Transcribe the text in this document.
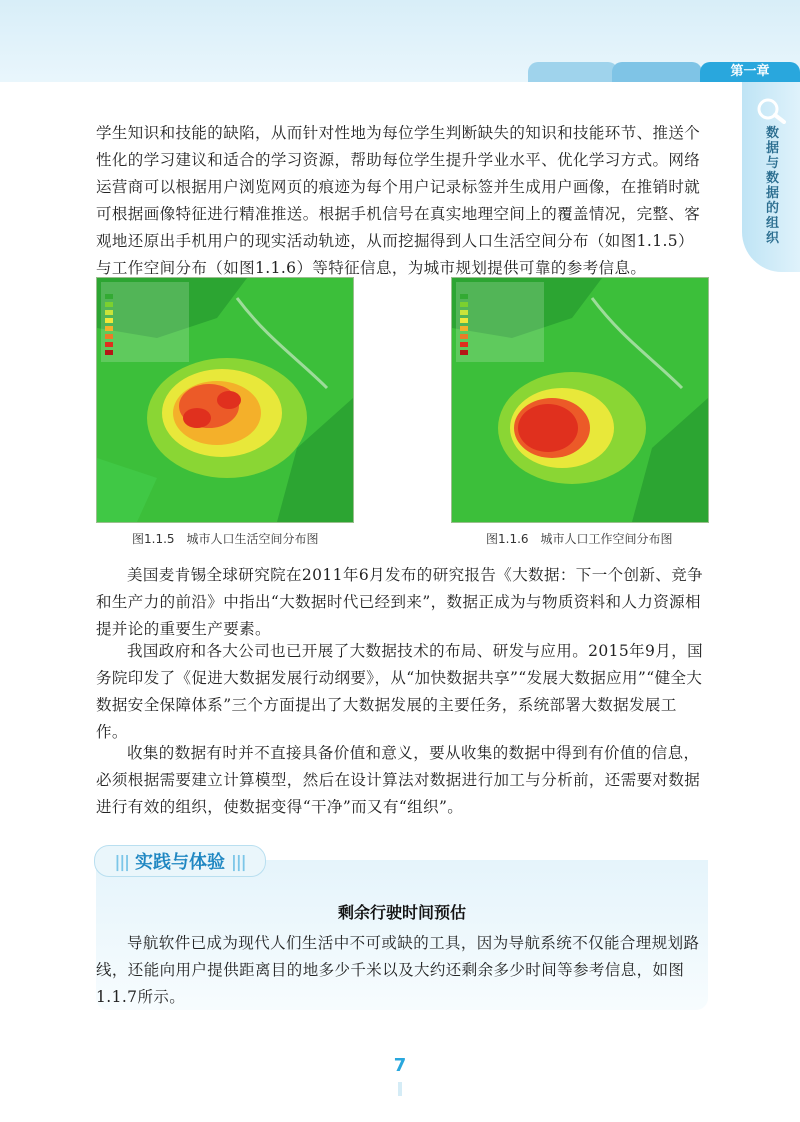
第一章
数据与数据的组织

学生知识和技能的缺陷，从而针对性地为每位学生判断缺失的知识和技能环节、推送个性化的学习建议和适合的学习资源，帮助每位学生提升学业水平、优化学习方式。网络运营商可以根据用户浏览网页的痕迹为每个用户记录标签并生成用户画像，在推销时就可根据画像特征进行精准推送。根据手机信号在真实地理空间上的覆盖情况，完整、客观地还原出手机用户的现实活动轨迹，从而挖掘得到人口生活空间分布（如图1.1.5）与工作空间分布（如图1.1.6）等特征信息，为城市规划提供可靠的参考信息。

图1.1.5　城市人口生活空间分布图	图1.1.6　城市人口工作空间分布图

美国麦肯锡全球研究院在2011年6月发布的研究报告《大数据：下一个创新、竞争和生产力的前沿》中指出“大数据时代已经到来”，数据正成为与物质资料和人力资源相提并论的重要生产要素。

我国政府和各大公司也已开展了大数据技术的布局、研发与应用。2015年9月，国务院印发了《促进大数据发展行动纲要》，从“加快数据共享”“发展大数据应用”“健全大数据安全保障体系”三个方面提出了大数据发展的主要任务，系统部署大数据发展工作。

收集的数据有时并不直接具备价值和意义，要从收集的数据中得到有价值的信息，必须根据需要建立计算模型，然后在设计算法对数据进行加工与分析前，还需要对数据进行有效的组织，使数据变得“干净”而又有“组织”。

||| 实践与体验 |||
剩余行驶时间预估

导航软件已成为现代人们生活中不可或缺的工具，因为导航系统不仅能合理规划路线，还能向用户提供距离目的地多少千米以及大约还剩余多少时间等参考信息，如图1.1.7所示。

7
